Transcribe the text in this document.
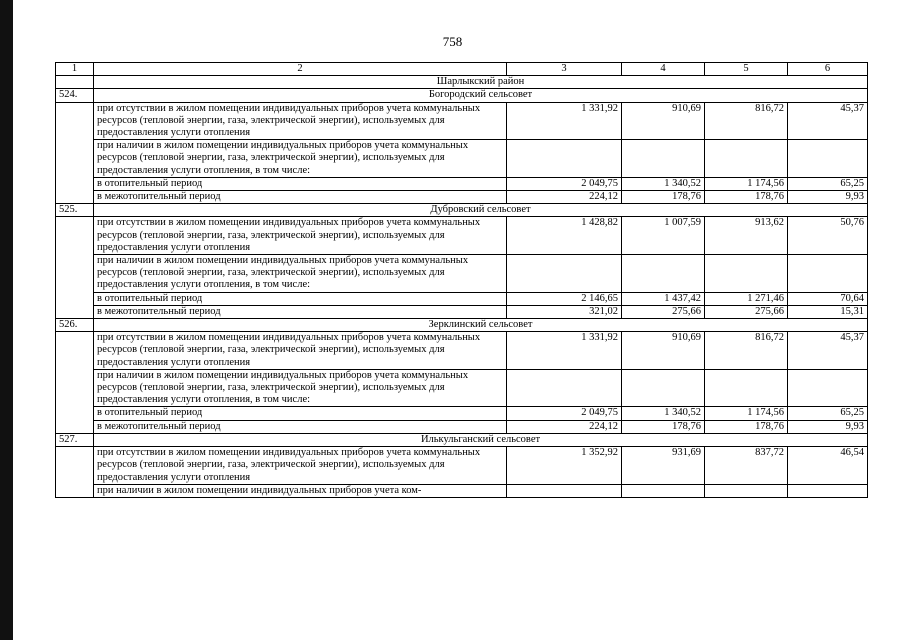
758
1	2	3	4	5	6
	Шарлыкский район				
524.	Богородский сельсовет				
	при отсутствии в жилом помещении индивидуальных приборов учета коммунальных ресурсов (тепловой энергии, газа, электрической энергии), используемых для предоставления услуги отопления	1 331,92	910,69	816,72	45,37
	при наличии в жилом помещении индивидуальных приборов учета коммунальных ресурсов (тепловой энергии, газа, электрической энергии), используемых для предоставления услуги отопления, в том числе:				
	в отопительный период	2 049,75	1 340,52	1 174,56	65,25
	в межотопительный период	224,12	178,76	178,76	9,93
525.	Дубровский сельсовет				
	при отсутствии в жилом помещении индивидуальных приборов учета коммунальных ресурсов (тепловой энергии, газа, электрической энергии), используемых для предоставления услуги отопления	1 428,82	1 007,59	913,62	50,76
	при наличии в жилом помещении индивидуальных приборов учета коммунальных ресурсов (тепловой энергии, газа, электрической энергии), используемых для предоставления услуги отопления, в том числе:				
	в отопительный период	2 146,65	1 437,42	1 271,46	70,64
	в межотопительный период	321,02	275,66	275,66	15,31
526.	Зерклинский сельсовет				
	при отсутствии в жилом помещении индивидуальных приборов учета коммунальных ресурсов (тепловой энергии, газа, электрической энергии), используемых для предоставления услуги отопления	1 331,92	910,69	816,72	45,37
	при наличии в жилом помещении индивидуальных приборов учета коммунальных ресурсов (тепловой энергии, газа, электрической энергии), используемых для предоставления услуги отопления, в том числе:				
	в отопительный период	2 049,75	1 340,52	1 174,56	65,25
	в межотопительный период	224,12	178,76	178,76	9,93
527.	Илькульганский сельсовет				
	при отсутствии в жилом помещении индивидуальных приборов учета коммунальных ресурсов (тепловой энергии, газа, электрической энергии), используемых для предоставления услуги отопления	1 352,92	931,69	837,72	46,54
	при наличии в жилом помещении индивидуальных приборов учета ком-				
